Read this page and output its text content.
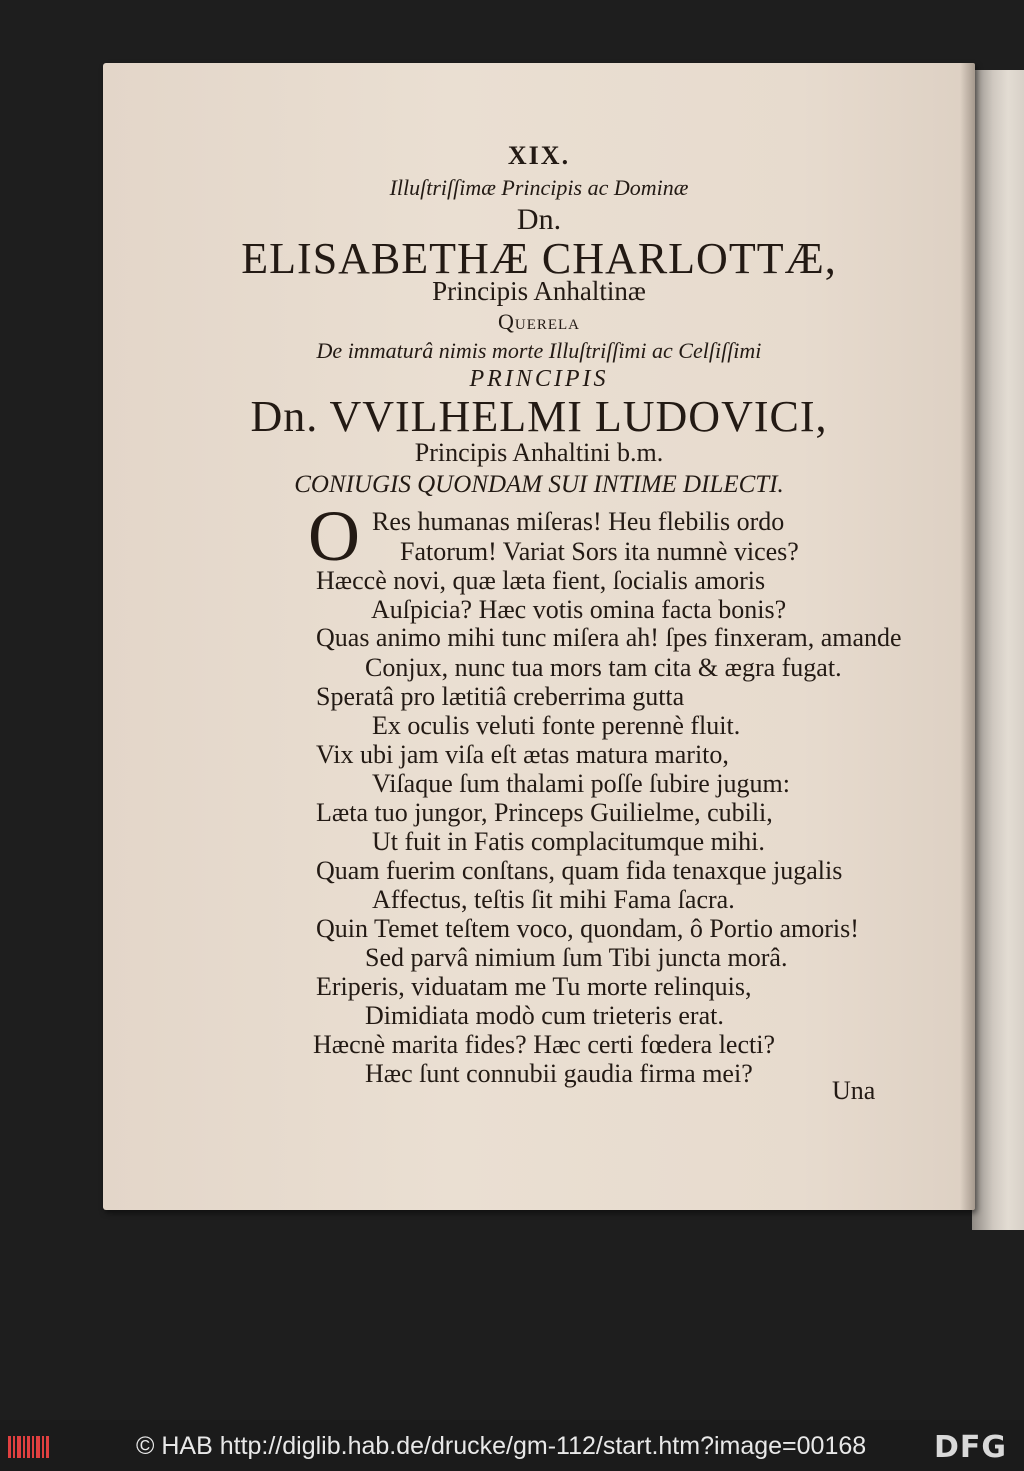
XIX.
Illuſtriſſimæ Principis ac Dominæ
Dn.
ELISABETHÆ CHARLOTTÆ,
Principis Anhaltinæ
Querela
De immaturâ nimis morte Illuſtriſſimi ac Celſiſſimi
PRINCIPIS
Dn. VVILHELMI LUDOVICI,
Principis Anhaltini b.m.
CONIUGIS QUONDAM SUI INTIME DILECTI.
O Res humanas miſeras! Heu flebilis ordo
Fatorum! Variat Sors ita numnè vices?
Hæccè novi, quæ læta fient, ſocialis amoris
Auſpicia? Hæc votis omina facta bonis?
Quas animo mihi tunc miſera ah! ſpes finxeram, amande
Conjux, nunc tua mors tam cita & ægra fugat.
Speratâ pro lætitiâ creberrima gutta
Ex oculis veluti fonte perennè fluit.
Vix ubi jam viſa eſt ætas matura marito,
Viſaque ſum thalami poſſe ſubire jugum:
Læta tuo jungor, Princeps Guilielme, cubili,
Ut fuit in Fatis complacitumque mihi.
Quam fuerim conſtans, quam fida tenaxque jugalis
Affectus, teſtis ſit mihi Fama ſacra.
Quin Temet teſtem voco, quondam, ô Portio amoris!
Sed parvâ nimium ſum Tibi juncta morâ.
Eriperis, viduatam me Tu morte relinquis,
Dimidiata modò cum trieteris erat.
Hæcnè marita fides? Hæc certi fœdera lecti?
Hæc ſunt connubii gaudia firma mei?
Una
© HAB http://diglib.hab.de/drucke/gm-112/start.htm?image=00168 DFG
